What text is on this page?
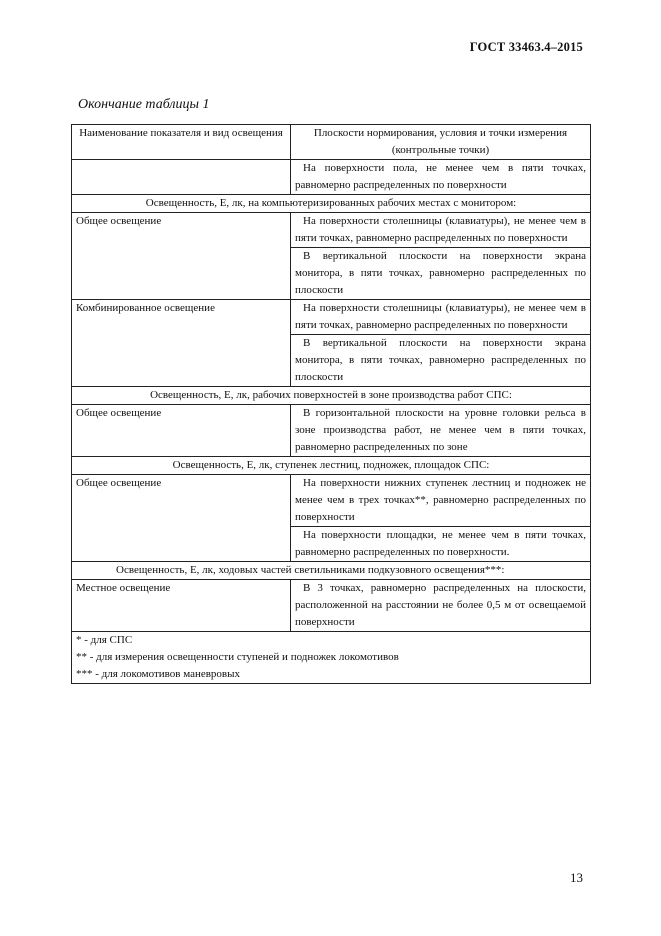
ГОСТ 33463.4–2015
Окончание таблицы 1
Наименование показателя и вид освещения	Плоскости нормирования, условия и точки измерения (контрольные точки)
	На поверхности пола, не менее чем в пяти точках, равномерно распределенных по поверхности
Освещенность, Е, лк, на компьютеризированных рабочих местах с монитором:	
Общее освещение	На поверхности столешницы (клавиатуры), не менее чем в пяти точках, равномерно распределенных по поверхности
	В вертикальной плоскости на поверхности экрана монитора, в пяти точках, равномерно распределенных по плоскости
Комбинированное освещение	На поверхности столешницы (клавиатуры), не менее чем в пяти точках, равномерно распределенных по поверхности
	В вертикальной плоскости на поверхности экрана монитора, в пяти точках, равномерно распределенных по плоскости
Освещенность, Е, лк, рабочих поверхностей в зоне производства работ СПС:	
Общее освещение	В горизонтальной плоскости на уровне головки рельса в зоне производства работ, не менее чем в пяти точках, равномерно распределенных по зоне
Освещенность, Е, лк, ступенек лестниц, подножек, площадок СПС:	
Общее освещение	На поверхности нижних ступенек лестниц и подножек не менее чем в трех точках**, равномерно распределенных по поверхности
	На поверхности площадки, не менее чем в пяти точках, равномерно распределенных по поверхности.
Освещенность, Е, лк, ходовых частей светильниками подкузовного освещения***:	
Местное освещение	В 3 точках, равномерно распределенных на плоскости, расположенной на расстоянии не более 0,5 м от освещаемой поверхности

* - для СПС
** - для измерения освещенности ступеней и подножек локомотивов
*** - для локомотивов маневровых	
13
